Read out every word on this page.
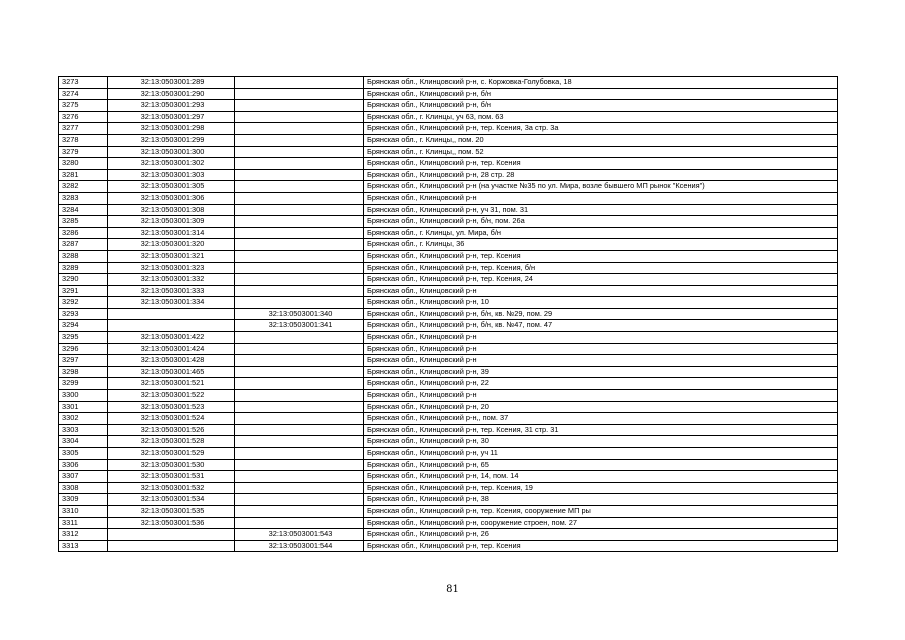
3273	32:13:0503001:289		Брянская обл., Клинцовский р-н, с. Коржовка-Голубовка, 18
3274	32:13:0503001:290		Брянская обл., Клинцовский р-н, б/н
3275	32:13:0503001:293		Брянская обл., Клинцовский р-н, б/н
3276	32:13:0503001:297		Брянская обл., г. Клинцы, уч 63, пом. 63
3277	32:13:0503001:298		Брянская обл., Клинцовский р-н, тер. Ксения, 3а стр. 3а
3278	32:13:0503001:299		Брянская обл., г. Клинцы,, пом. 20
3279	32:13:0503001:300		Брянская обл., г. Клинцы,, пом. 52
3280	32:13:0503001:302		Брянская обл., Клинцовский р-н, тер. Ксения
3281	32:13:0503001:303		Брянская обл., Клинцовский р-н, 28 стр. 28
3282	32:13:0503001:305		Брянская обл., Клинцовский р-н (на участке №35 по ул. Мира, возле бывшего МП рынок "Ксения")
3283	32:13:0503001:306		Брянская обл., Клинцовский р-н
3284	32:13:0503001:308		Брянская обл., Клинцовский р-н, уч 31, пом. 31
3285	32:13:0503001:309		Брянская обл., Клинцовский р-н, б/н, пом. 26а
3286	32:13:0503001:314		Брянская обл., г. Клинцы, ул. Мира, б/н
3287	32:13:0503001:320		Брянская обл., г. Клинцы, 36
3288	32:13:0503001:321		Брянская обл., Клинцовский р-н, тер. Ксения
3289	32:13:0503001:323		Брянская обл., Клинцовский р-н, тер. Ксения, б/н
3290	32:13:0503001:332		Брянская обл., Клинцовский р-н, тер. Ксения, 24
3291	32:13:0503001:333		Брянская обл., Клинцовский р-н
3292	32:13:0503001:334		Брянская обл., Клинцовский р-н, 10
3293		32:13:0503001:340	Брянская обл., Клинцовский р-н, б/н, кв. №29, пом. 29
3294		32:13:0503001:341	Брянская обл., Клинцовский р-н, б/н, кв. №47, пом. 47
3295	32:13:0503001:422		Брянская обл., Клинцовский р-н
3296	32:13:0503001:424		Брянская обл., Клинцовский р-н
3297	32:13:0503001:428		Брянская обл., Клинцовский р-н
3298	32:13:0503001:465		Брянская обл., Клинцовский р-н, 39
3299	32:13:0503001:521		Брянская обл., Клинцовский р-н, 22
3300	32:13:0503001:522		Брянская обл., Клинцовский р-н
3301	32:13:0503001:523		Брянская обл., Клинцовский р-н, 20
3302	32:13:0503001:524		Брянская обл., Клинцовский р-н,, пом. 37
3303	32:13:0503001:526		Брянская обл., Клинцовский р-н, тер. Ксения, 31 стр. 31
3304	32:13:0503001:528		Брянская обл., Клинцовский р-н, 30
3305	32:13:0503001:529		Брянская обл., Клинцовский р-н, уч 11
3306	32:13:0503001:530		Брянская обл., Клинцовский р-н, 65
3307	32:13:0503001:531		Брянская обл., Клинцовский р-н, 14, пом. 14
3308	32:13:0503001:532		Брянская обл., Клинцовский р-н, тер. Ксения, 19
3309	32:13:0503001:534		Брянская обл., Клинцовский р-н, 38
3310	32:13:0503001:535		Брянская обл., Клинцовский р-н, тер. Ксения, сооружение МП ры
3311	32:13:0503001:536		Брянская обл., Клинцовский р-н, сооружение строен, пом. 27
3312		32:13:0503001:543	Брянская обл., Клинцовский р-н, 26
3313		32:13:0503001:544	Брянская обл., Клинцовский р-н, тер. Ксения
81
